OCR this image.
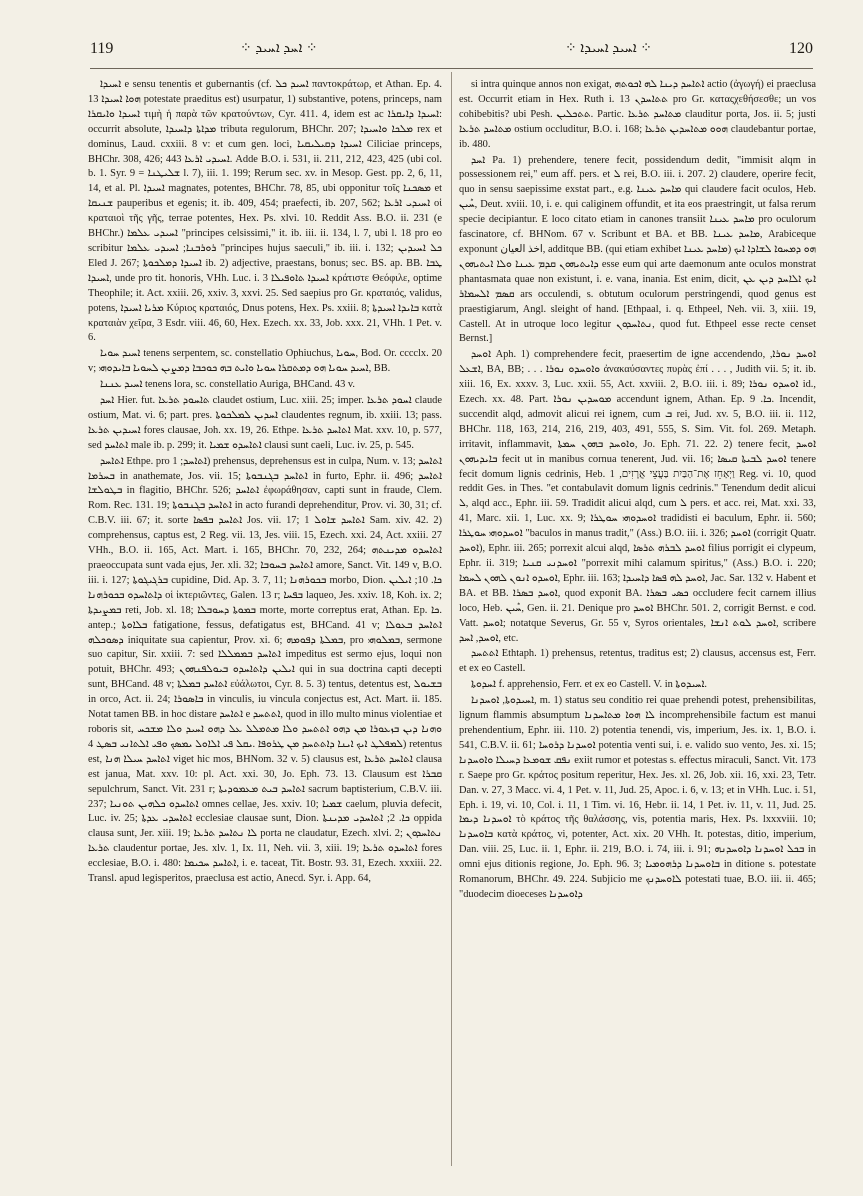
119	⁘ ܐܚܕ ܐܚܝܕ ⁘	⁘ ܐܚܝܕ ܐܚܝܕܐ ⁘	120

ܐܚܝܕܐ e sensu tenentis et gubernantis (cf. ܐܚܝܕ ܟܠ παντοκράτωρ, et Athan. Ep. 4. 13 ܗܘܐ ܐܚܝܕܐ potestate praeditus est) usurpatur, 1) substantive, potens, princeps, nam ܐܚܝܕܐ ܘܐܝܩܪܐ τιμὴ ἡ παρὰ τῶν κρατούντων, Cyr. 411. 4, idem est ac ܐܚܝܕܐ ܕܐܝܩܪܐ: occurrit absolute, ܡܕܐܬܐ ܕܐܚܝܕܐ tributa regulorum, BHChr. 207; ܡܠܟܐ ܘܐܚܝܕܐ rex et dominus, Laud. cxxiii. 8 v: et cum gen. loci, ܐܚܝܕܐ ܕܩܝܠܝܩܝܐ Ciliciae princeps, BHChr. 308, 426; ܐܚܝܕܝ ܐܪܥܐ 443. Adde B.O. i. 531, ii. 211, 212, 423, 425 (ubi col. b. 1. Syr. 9 = ܫܠܝܛܢܐ l. 7), iii. 1. 199; Rerum sec. xv. in Mesop. Gest. pp. 2, 6, 11, 14, et al. Pl. ܐܚܝܕܐ magnates, potentes, BHChr. 78, 85, ubi opponitur τοῖς ܡܣܟܢܐ et ܫܢܝܩܐ pauperibus et egenis; it. ib. 409, 454; praefecti, ib. 207, 562; ܐܚܝܕܝ ܐܪܥܐ οἱ κραταιοὶ τῆς γῆς, terrae potentes, Hex. Ps. xlvi. 10. Reddit Ass. B.O. ii. 231 (e BHChr.) ܐܚܝܕܝ ܥܠܡܐ "principes celsissimi," it. ib. iii. ii. 134, l. 7, ubi l. 18 pro eo scribitur ܪܘܪܒܢܐ; ܐܚܝܕܝ ܥܠܡܐ "principes hujus saeculi," ib. iii. i. 132; ܟܠ ܐܚܝܕܝܢ Eled J. 267; ܐܚܝܕܐ ܕܡܠܟܘܬܐ ib. 2) adjective, praestans, bonus; sec. BS. ap. BB. ܛܒܐ ܐܚܝܕܐ, unde pro tit. honoris, VHh. Luc. i. 3 ܐܚܝܕܐ ܬܐܘܦܝܠܐ κράτιστε Θεόφιλε, optime Theophile; it. Act. xxiii. 26, xxiv. 3, xxvi. 25. Sed saepius pro Gr. κραταιός, validus, potens, ܡܪܝܐ ܐܚܝܕܐ Κύριος κραταιός, Dnus potens, Hex. Ps. xxiii. 8; ܒܐܝܕܐ ܐܚܝܕܬܐ κατὰ κραταιὰν χεῖρα, 3 Esdr. viii. 46, 60, Hex. Ezech. xx. 33, Job. xxx. 21, VHh. 1 Pet. v. 6.

ܐܚܝܕ ܚܘܝܐ tenens serpentem, sc. constellatio Ophiuchus, ܚܘܝܐ, Bod. Or. cccclx. 20 v; ܐܚܝܕ ܚܘܝܐ ܗܘ ܕܡܬܩܪܐ ܚܘܝܐ ܘܐܝܬ ܒܗ ܟܘܟܒܐ ܕܡܨܝܢ ܠܚܘܝܐ ܒܐܝܕܘܗܝ, BB.

ܐܚܝܕ ܥܢܢܐ tenens lora, sc. constellatio Auriga, BHCand. 43 v.

ܐܚܕ Hier. fut. ܬܐܚܘܕ ܬܪܥܐ claudet ostium, Luc. xiii. 25; imper. ܐܚܘܕ ܬܪܥܐ claude ostium, Mat. vi. 6; part. pres. ܐܚܕܝܢ ܠܡܠܟܘܬܐ claudentes regnum, ib. xxiii. 13; pass. ܐܚܝܕܝܢ ܬܪܥܐ fores clausae, Joh. xx. 19, 26. Ethpe. ܐܬܐܚܕ ܬܪܥܐ Mat. xxv. 10, p. 577, sed ܐܬܐܚܕ male ib. p. 299; it. ܐܬܐܚܕܘ ܫܡܝܐ clausi sunt caeli, Luc. iv. 25, p. 545.

ܐܬܐܚܕ Ethpe. pro ܐܬܐܚܕ; 1) prehensus, deprehensus est in culpa, Num. v. 13; ܐܬܐܚܕ ܒܚܪܡܐ in anathemate, Jos. vii. 15; ܐܬܐܚܕ ܒܓܢܒܘܬܐ in furto, Ephr. ii. 496; ܐܬܐܚܕ ܒܛܘܠܫܐ in flagitio, BHChr. 526; ܐܬܐܚܕ ἐφωράθησαν, capti sunt in fraude, Clem. Rom. Rec. 131. 19; ܐܬܐܚܕ ܒܓܢܒܘܬܐ in acto furandi deprehenditur, Prov. vi. 30, 31; cf. C.B.V. iii. 67; it. sorte ܐܬܐܚܕ ܒܦܣܐ Jos. vii. 17; ܐܬܐܚܕ ܫܐܘܠ 1 Sam. xiv. 42. 2) comprehensus, captus est, 2 Reg. vii. 13, Jes. viii. 15, Ezech. xxi. 24, Act. xxiii. 27 VHh., B.O. ii. 165, Act. Mart. i. 165, BHChr. 70, 232, 264; ܐܬܐܚܕܘ ܡܕܝܢܬܗ praeoccupata sunt vada ejus, Jer. xli. 32; ܐܬܐܚܕ ܒܚܘܒܐ amore, Sanct. Vit. 149 v, B.O. iii. i. 127; ܒܪܓܝܓܘܬܐ cupidine, Did. Ap. 3. 7, 11; ܒܟܘܪܗܢܐ morbo, Dion. ܟܐ. 10; ܐܝܠܝܢ ܕܐܬܐܚܕܘ ܒܟܘܪܗܢܐ οἱ ἰκτεριῶντες, Galen. 13 r; ܒܦܚܐ laqueo, Jes. xxiv. 18, Koh. ix. 2; ܒܡܨܝܕܬܐ reti, Job. xl. 18; ܒܡܘܬܐ ܕܚܘܒܠܐ morte, morte correptus erat, Athan. Ep. ܟܐ. antep.; ܒܠܐܘܬܐ fatigatione, fessus, defatigatus est, BHCand. 41 v; ܐܬܐܚܕ ܒܥܘܠܐ ܕܣܘܟܠܗ iniquitate sua capientur, Prov. xi. 6; ܒܡܠܬܐ ܕܦܘܡܗ, pro ܒܡܠܘܗܝ, sermone suo capitur, Sir. xxiii. 7: sed ܐܬܐܚܕ ܒܡܡܠܠܐ impeditus est sermo ejus, loqui non potuit, BHChr. 493; ܐܝܠܝܢ ܕܐܬܐܚܕܘ ܒܝܘܠܦܢܗܘܢ qui in sua doctrina capti decepti sunt, BHCand. 48 v; ܐܬܐܚܕ ܒܡܠܬܐ εὐάλωτοι, Cyr. 8. 5. 3) tentus, detentus est, ܒܫܝܘܠ in orco, Act. ii. 24; ܒܐܣܘܪܐ in vinculis, iu vincula conjectus est, Act. Mart. ii. 185. Notat tamen BB. in hoc distare ܐܬܐܚܕ e ܐܬܬܚܕ, quod in illo multo minus violentiae et roboris sit, ܘܗܢܐ ܕܝܢ ܒܙܥܘܪܐ ܡܢ ܕܗܘ ܐܬܬܚܕ ܘܠܐ ܡܬܡܠܠ ܥܠ ܕܗܘ ܐܚܝܕ ܘܠܐ ܡܫܟܚ ܠܡܦܠܛ ܐܝܟ ܐܝܢܐ ܕܐܬܬܚܕ ܡܢ ܛܪܘܦܐ .ܝܩܠ ܦܝ ܐܠܐܘܠ ܝܡܣܟ ܘܦܝ ܐܠܬܐܢܝ ܒܣܛ 4) retentus est, ܐܬܐܚܕ ܚܝܠܐ ܗܢܐ viget hic mos, BHNom. 32 v. 5) clausus est, ܐܬܐܚܕ ܬܪܥܐ clausa est janua, Mat. xxv. 10: pl. Act. xxi. 30, Jo. Eph. 73. 13. Clausum est ܩܒܪܐ sepulchrum, Sanct. Vit. 231 r; ܐܬܐܚܕ ܒܝܬ ܡܥܡܘܕܝܬܐ sacrum baptisterium, C.B.V. iii. 237; ܐܬܐܚܕܘ ܟܠܗܝܢ ܬܘܢܝܐ omnes cellae, Jes. xxiv. 10; ܫܡܝܐ caelum, pluvia defecit, Luc. iv. 25; ܐܬܐܚܕܝ ܥܕܬܐ ecclesiae clausae sunt, Dion. ܟܐ. 2; ܐܬܐܚܕܝ ܡܕܝܢܬܐ oppida clausa sunt, Jer. xiii. 19; ܠܐ ܢܬܐܚܕ ܬܪܥܐ porta ne claudatur, Ezech. xlvi. 2; ܢܬܐܚܕܘܢ ܬܪܥܐ claudentur portae, Jes. xlv. 1, Ix. 11, Neh. vii. 3, xiii. 19; ܐܬܐܚܕܘ ܬܪܥܐ fores ecclesiae, B.O. i. 480: ܐܬܐܚܕ ܚܟܝܡܐ, i. e. taceat, Tit. Bostr. 93. 31, Ezech. xxxiii. 22. Transl. apud legisperitos, praeclusa est actio, Anecd. Syr. i. App. 64,

si intra quinque annos non exigat, ܐܬܐܚܕ ܕܝܢܐ ܠܗ ܐܟܘܬܗ actio (ἀγωγή) ei praeclusa est. Occurrit etiam in Hex. Ruth i. 13 ܬܬܐܚܕܢ pro Gr. καταςχεθήσεσθε; un vos cohibebitis? ubi Pesh. ܬܬܟܠܝܢ. Partic. ܡܬܐܚܕ ܬܪܥܐ clauditur porta, Jos. ii. 5; justi ܡܬܐܚܕ ܬܪܥܐ ostium occluditur, B.O. i. 168; ܗܘܘ ܡܬܐܚܕܝܢ ܬܪܥܐ claudebantur portae, ib. 480.

ܐܚܕ Pa. 1) prehendere, tenere fecit, possidendum dedit, "immisit alqm in possessionem rei," eum aff. pers. et ܠ rei, B.O. iii. i. 207. 2) claudere, operire fecit, quo in sensu saepissime exstat part., e.g. ܡܐܚܕ ܥܝܢܐ qui claudere facit oculos, Heb. ܚܶܝܢ, Deut. xviii. 10, i. e. qui caliginem offundit, et ita eos praestringit, ut falsa rerum specie decipiantur. E loco citato etiam in canones transiit ܡܐܚܕ ܥܝܢܐ pro oculorum fascinatore, cf. BHNom. 67 v. Scribunt et BA. et BB. ܡܐܚܕ ܥܝܢܐ, Arabiceque exponunt اخذ العيان, additque BB. (qui etiam exhibet ܡܐܚܕ ܥܝܢܐ) ܗܘ ܕܡܚܘܐ ܠܫܐܕܐ ܐܝܟ ܕܐܝܬܝܗܘܢ ܩܕܡ ܥܝܢܐ ܘܠܐ ܐܝܬܝܗܘܢ esse eum qui arte daemonum ante oculos monstrat phantasmata quae non existunt, i. e. vana, inania. Est enim, dicit, ܐܝܟ ܐܠܐܚܕ ܕܝܢ ܥܢ ܩܣܡ ܐܠܚܡܐܪ ars occulendi, s. obtutum oculorum perstringendi, quod genus est praestigiarum, Angl. sleight of hand. [Ethpaal, i. q. Ethpeel, Neh. vii. 3, xiii. 19, Castell. At in utroque loco legitur ܢܬܐܚܕܘܢ, quod fut. Ethpeel esse recte censet Bernst.]

ܐܘܚܕ Aph. 1) comprehendere fecit, praesertim de igne accendendo, ܐܘܚܕ ܢܘܪܐ, ܐܫܥܠ, BA, BB; . . . ܘܐܘܚܕܘ ܢܘܪܐ ἀνακαύσαντες πυρὰς ἐπί . . . , Judith vii. 5; it. ib. xiii. 16, Ex. xxxv. 3, Luc. xxii. 55, Act. xxviii. 2, B.O. iii. i. 89; ܐܘܚܕܘ ܢܘܪܐ id., Ezech. xx. 48. Part. ܡܘܚܕܝܢ ܢܘܪܐ accendunt ignem, Athan. Ep. ܟܐ. 9. Incendit, succendit alqd, admovit alicui rei ignem, cum ܒ rei, Jud. xv. 5, B.O. iii. ii. 112, BHChr. 118, 163, 214, 216, 219, 403, 491, 555, S. Sim. Vit. fol. 269. Metaph. irritavit, inflammavit, ܘܐܘܚܕ ܒܗܘܢ ܚܡܬܐ, Jo. Eph. 71. 22. 2) tenere fecit, ܐܘܚܕ ܒܐܝܕܝܗܘܢ fecit ut in manibus cornua tenerent, Jud. vii. 16; ܐܘܚܕ ܠܒܝܬܐ ܩܝܣܐ tenere fecit domum lignis cedrinis, Heb. וַיְאַחֵז אֶת־הַבַּיִת בַּעֲצֵי אֲרָזִים, 1 Reg. vi. 10, quod reddit Ges. in Thes. "et contabulavit domum lignis cedrinis." Tenendum dedit alicui ܠ, alqd acc., Ephr. iii. 59. Tradidit alicui alqd, cum ܠ pers. et acc. rei, Mat. xxi. 33, 41, Marc. xii. 1, Luc. xx. 9; ܐܘܚܕܘܗܝ ܚܘܛܪܐ tradidisti ei baculum, Ephr. ii. 560; ܐܘܚܕܘܗܝ ܚܘܛܪܐ "baculos in manus tradit," (Ass.) B.O. iii. i. 326; ܐܘܚܕ (corrigit Quatr. ܐܘܚܕ), Ephr. iii. 265; porrexit alcui alqd, ܐܘܚܕ ܠܒܪܗ ܬܪܣܐ filius porrigit ei clypeum, Ephr. ii. 319; ܐܘܚܕܢܝ ܩܢܝܐ "porrexit mihi calamum spiritus," (Ass.) B.O. i. 220; ܐܘܚܕܘ ܐܢܘܢ ܠܗܘܢ ܠܚܡܐ, Ephr. iii. 163; ܐܘܚܕ ܠܗ ܦܣܐ ܕܐܚܝܕܐ, Jac. Sar. 132 v. Habent et BA. et BB. ܐܘܚܕ ܒܣܪܐ, quod exponit BA. ܟܣܝ ܒܣܪܐ occludere fecit carnem illius loco, Heb. ܚܶܝܢ, Gen. ii. 21. Denique pro ܐܘܚܕ BHChr. 501. 2, corrigit Bernst. e cod. Vatt. ܐܘܚܕ; notatque Severus, Gr. 55 v, Syros orientales, ܐܘܚܕ ܠܘܬ ܐܢܫܐ, scribere ܐܘܚܕ, ܐܚܕ, etc.

ܐܬܬܚܕ Ethtaph. 1) prehensus, retentus, traditus est; 2) clausus, accensus est, Ferr. et ex eo Castell.

ܐܚܕܘܬܐ f. apprehensio, Ferr. et ex eo Castell. V. in ܐܚܝܕܘܬܐ.

ܐܚܝܕܘܬܐ, ܐܘܚܕܢܐ, m. 1) status seu conditio rei quae prehendi potest, prehensibilitas, lignum flammis absumptum ܠܐ ܗܘܐ ܡܬܐܚܕܢܐ incomprehensibile factum est manui prehendentium, Ephr. iii. 110. 2) potentia tenendi, vis, imperium, Jes. ix. 1, B.O. i. 541, C.B.V. ii. 61; ܐܘܚܕܢܐ ܕܪܘܚܐ potentia venti sui, i. e. valido suo vento, Jes. xi. 15; ܢܦܩ ܫܘܡܥܐ ܕܚܝܠܐ ܘܐܘܚܕܢܐ exiit rumor et potestas s. effectus miraculi, Sanct. Vit. 173 r. Saepe pro Gr. κράτος positum reperitur, Hex. Jes. xl. 26, Job. xii. 16, xxi. 23, Tetr. Dan. v. 27, 3 Macc. vi. 4, 1 Pet. v. 11, Jud. 25, Apoc. i. 6, v. 13; et in VHh. Luc. i. 51, Eph. i. 19, vi. 10, Col. i. 11, 1 Tim. vi. 16, Hebr. ii. 14, 1 Pet. iv. 11, v. 11, Jud. 25. ܐܘܚܕܢܐ ܕܝܡܐ τὸ κράτος τῆς θαλάσσης, vis, potentia maris, Hex. Ps. lxxxviii. 10; ܒܐܘܚܕܢܐ κατὰ κράτος, vi, potenter, Act. xix. 20 VHh. It. potestas, ditio, imperium, Dan. viii. 25, Luc. ii. 1, Ephr. ii. 219, B.O. i. 74, iii. i. 91; ܒܟܠ ܐܘܚܕܢܐ ܕܐܘܚܕܢܗ in omni ejus ditionis regione, Jo. Eph. 96. 3; ܒܐܘܚܕܢܐ ܕܪܗܘܡܝܐ in ditione s. potestate Romanorum, BHChr. 49. 224. Subjicio me ܠܐܘܚܕܢܟ potestati tuae, B.O. iii. ii. 465; "duodecim dioeceses ܕܐܘܚܕܢܐ
